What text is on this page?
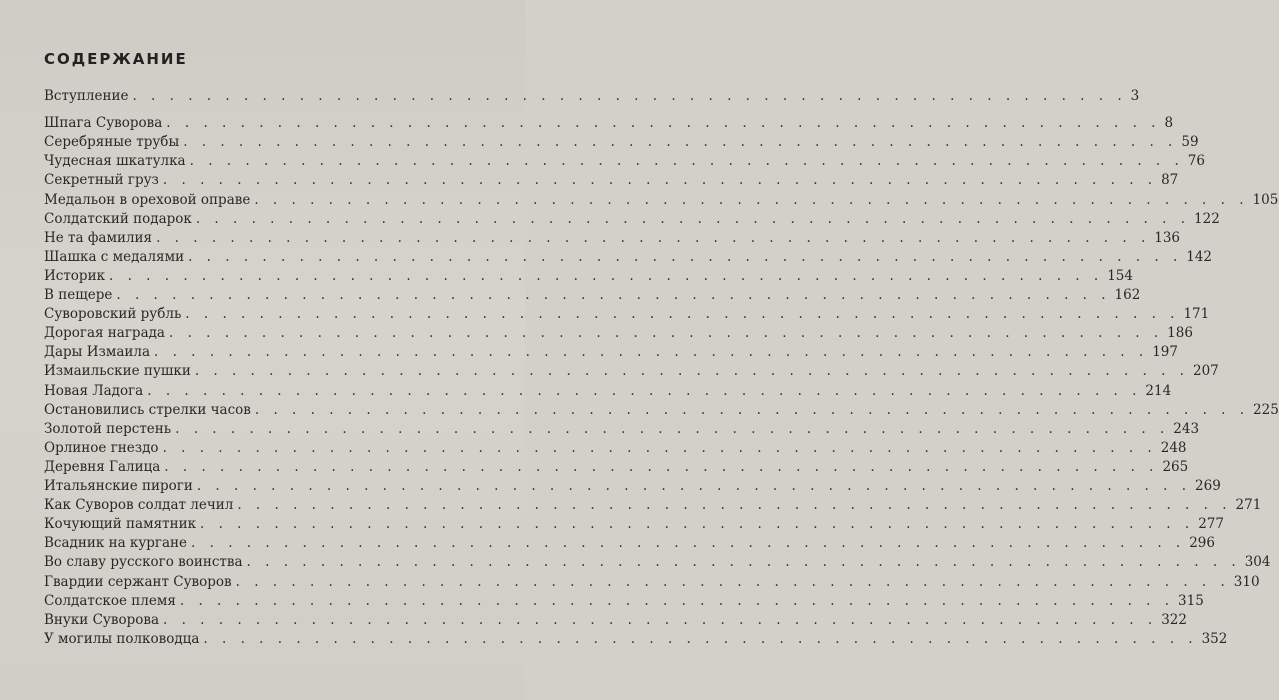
СОДЕРЖАНИЕ
Вступление . . . . . . . . . . . . . . . . . . . . . . . . . . . . . . . . . . . . . . . . . . . . . . . . . . . . . . 3
Шпага Суворова . . . . . . . . . . . . . . . . . . . . . . . . . . . . . . . . . . . . . . . . . . . . . . . . . . . . . . 8
Серебряные трубы . . . . . . . . . . . . . . . . . . . . . . . . . . . . . . . . . . . . . . . . . . . . . . . . . . . . . . 59
Чудесная шкатулка . . . . . . . . . . . . . . . . . . . . . . . . . . . . . . . . . . . . . . . . . . . . . . . . . . . . . . 76
Секретный груз . . . . . . . . . . . . . . . . . . . . . . . . . . . . . . . . . . . . . . . . . . . . . . . . . . . . . . 87
Медальон в ореховой оправе . . . . . . . . . . . . . . . . . . . . . . . . . . . . . . . . . . . . . . . . . . . . . . . . . . . . . . 105
Солдатский подарок . . . . . . . . . . . . . . . . . . . . . . . . . . . . . . . . . . . . . . . . . . . . . . . . . . . . . . 122
Не та фамилия . . . . . . . . . . . . . . . . . . . . . . . . . . . . . . . . . . . . . . . . . . . . . . . . . . . . . . 136
Шашка с медалями . . . . . . . . . . . . . . . . . . . . . . . . . . . . . . . . . . . . . . . . . . . . . . . . . . . . . . 142
Историк . . . . . . . . . . . . . . . . . . . . . . . . . . . . . . . . . . . . . . . . . . . . . . . . . . . . . . 154
В пещере . . . . . . . . . . . . . . . . . . . . . . . . . . . . . . . . . . . . . . . . . . . . . . . . . . . . . . 162
Суворовский рубль . . . . . . . . . . . . . . . . . . . . . . . . . . . . . . . . . . . . . . . . . . . . . . . . . . . . . . 171
Дорогая награда . . . . . . . . . . . . . . . . . . . . . . . . . . . . . . . . . . . . . . . . . . . . . . . . . . . . . . 186
Дары Измаила . . . . . . . . . . . . . . . . . . . . . . . . . . . . . . . . . . . . . . . . . . . . . . . . . . . . . . 197
Измаильские пушки . . . . . . . . . . . . . . . . . . . . . . . . . . . . . . . . . . . . . . . . . . . . . . . . . . . . . . 207
Новая Ладога . . . . . . . . . . . . . . . . . . . . . . . . . . . . . . . . . . . . . . . . . . . . . . . . . . . . . . 214
Остановились стрелки часов . . . . . . . . . . . . . . . . . . . . . . . . . . . . . . . . . . . . . . . . . . . . . . . . . . . . . . 225
Золотой перстень . . . . . . . . . . . . . . . . . . . . . . . . . . . . . . . . . . . . . . . . . . . . . . . . . . . . . . 243
Орлиное гнездо . . . . . . . . . . . . . . . . . . . . . . . . . . . . . . . . . . . . . . . . . . . . . . . . . . . . . . 248
Деревня Галица . . . . . . . . . . . . . . . . . . . . . . . . . . . . . . . . . . . . . . . . . . . . . . . . . . . . . . 265
Итальянские пироги . . . . . . . . . . . . . . . . . . . . . . . . . . . . . . . . . . . . . . . . . . . . . . . . . . . . . . 269
Как Суворов солдат лечил . . . . . . . . . . . . . . . . . . . . . . . . . . . . . . . . . . . . . . . . . . . . . . . . . . . . . . 271
Кочующий памятник . . . . . . . . . . . . . . . . . . . . . . . . . . . . . . . . . . . . . . . . . . . . . . . . . . . . . . 277
Всадник на кургане . . . . . . . . . . . . . . . . . . . . . . . . . . . . . . . . . . . . . . . . . . . . . . . . . . . . . . 296
Во славу русского воинства . . . . . . . . . . . . . . . . . . . . . . . . . . . . . . . . . . . . . . . . . . . . . . . . . . . . . . 304
Гвардии сержант Суворов . . . . . . . . . . . . . . . . . . . . . . . . . . . . . . . . . . . . . . . . . . . . . . . . . . . . . . 310
Солдатское племя . . . . . . . . . . . . . . . . . . . . . . . . . . . . . . . . . . . . . . . . . . . . . . . . . . . . . . 315
Внуки Суворова . . . . . . . . . . . . . . . . . . . . . . . . . . . . . . . . . . . . . . . . . . . . . . . . . . . . . . 322
У могилы полководца . . . . . . . . . . . . . . . . . . . . . . . . . . . . . . . . . . . . . . . . . . . . . . . . . . . . . . 352
